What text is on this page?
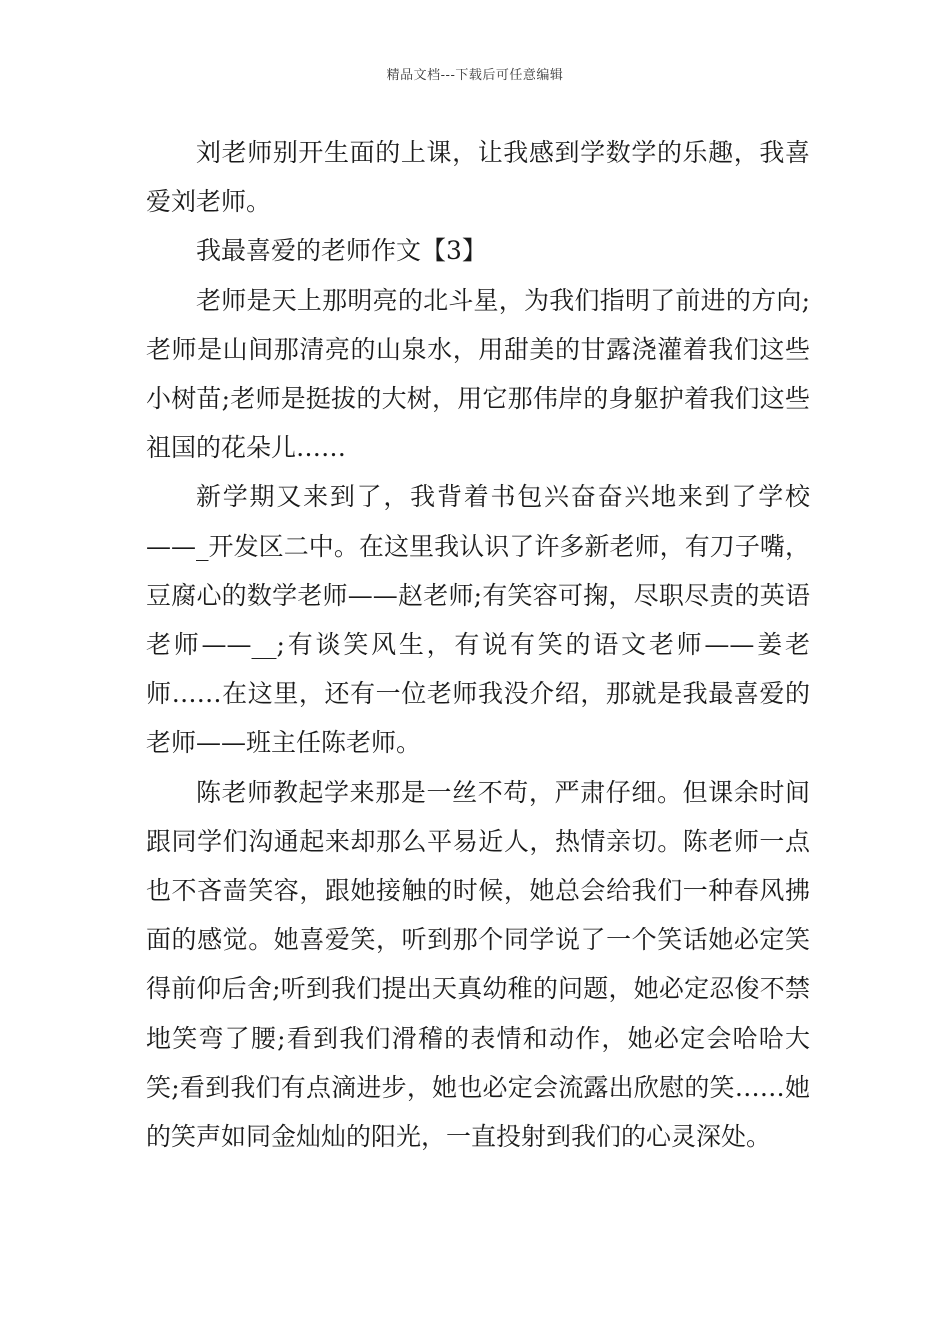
精品文档---下载后可任意编辑

刘老师别开生面的上课，让我感到学数学的乐趣，我喜爱刘老师。

我最喜爱的老师作文【3】

老师是天上那明亮的北斗星，为我们指明了前进的方向;老师是山间那清亮的山泉水，用甜美的甘露浇灌着我们这些小树苗;老师是挺拔的大树，用它那伟岸的身躯护着我们这些祖国的花朵儿……

新学期又来到了，我背着书包兴奋奋兴地来到了学校——_开发区二中。在这里我认识了许多新老师，有刀子嘴，豆腐心的数学老师——赵老师;有笑容可掬，尽职尽责的英语老师——__;有谈笑风生，有说有笑的语文老师——姜老师……在这里，还有一位老师我没介绍，那就是我最喜爱的老师——班主任陈老师。

陈老师教起学来那是一丝不苟，严肃仔细。但课余时间跟同学们沟通起来却那么平易近人，热情亲切。陈老师一点也不吝啬笑容，跟她接触的时候，她总会给我们一种春风拂面的感觉。她喜爱笑，听到那个同学说了一个笑话她必定笑得前仰后舍;听到我们提出天真幼稚的问题，她必定忍俊不禁地笑弯了腰;看到我们滑稽的表情和动作，她必定会哈哈大笑;看到我们有点滴进步，她也必定会流露出欣慰的笑……她的笑声如同金灿灿的阳光，一直投射到我们的心灵深处。
